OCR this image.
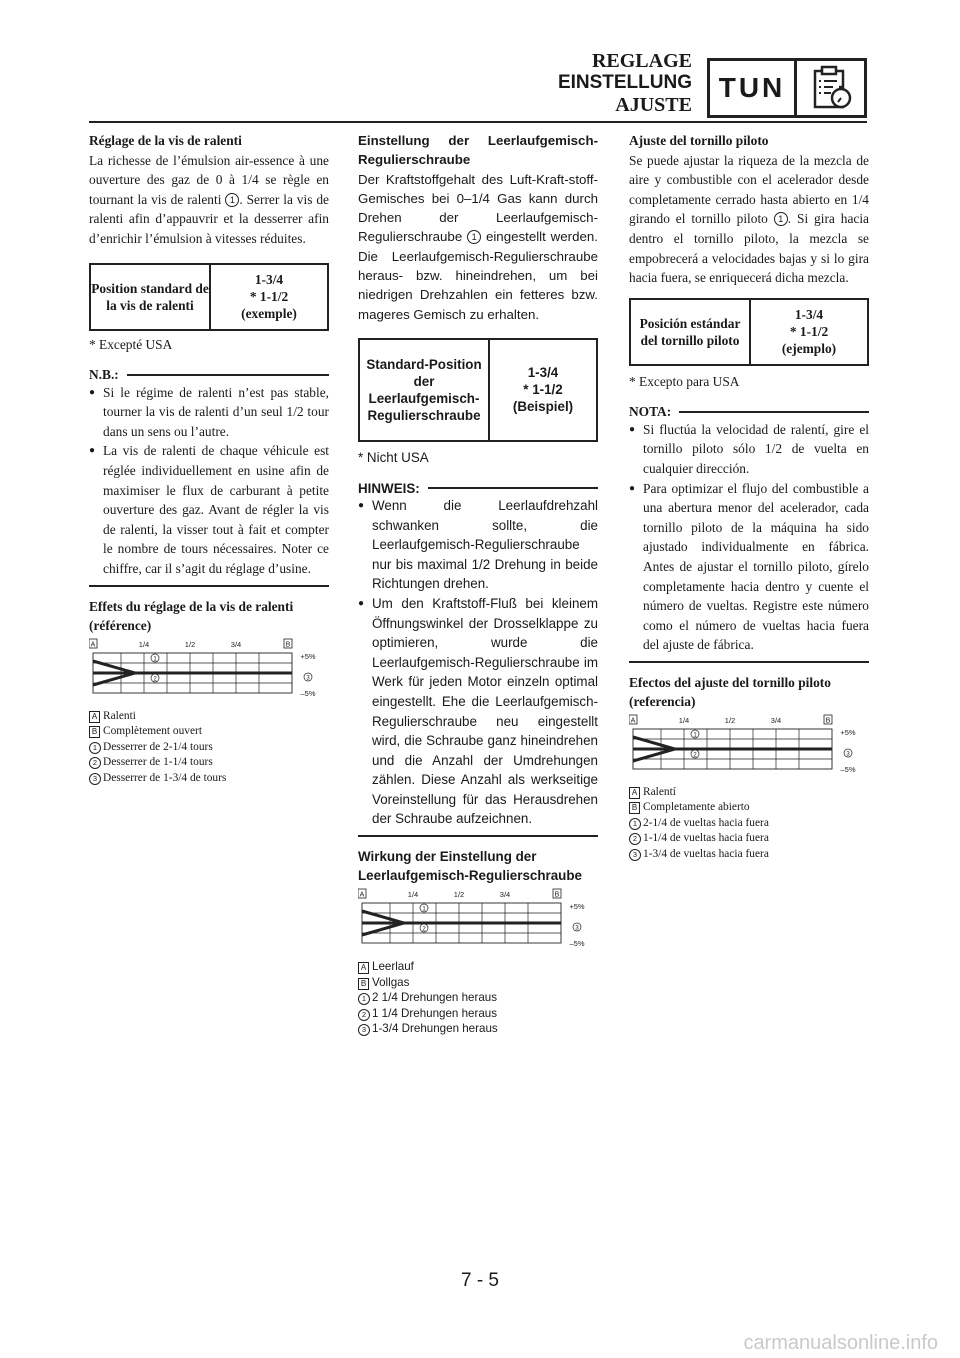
REGLAGE
EINSTELLUNG
AJUSTE
TUN
Réglage de la vis de ralenti

La richesse de l’émulsion air-essence à une ouverture des gaz de 0 à 1/4 se règle en tournant la vis de ralenti 1 . Serrer la vis de ralenti afin d’appauvrir et la desserrer afin d’enrichir l’émulsion à vitesses réduites.

Position standard de la vis de ralenti
1-3/4
* 1-1/2
(exemple)
* Excepté USA
N.B.:
● Si le régime de ralenti n’est pas stable, tourner la vis de ralenti d’un seul 1/2 tour dans un sens ou l’autre.
● La vis de ralenti de chaque véhicule est réglée individuellement en usine afin de maximiser le flux de carburant à petite ouverture des gaz. Avant de régler la vis de ralenti, la visser tout à fait et compter le nombre de tours nécessaires. Noter ce chiffre, car il s’agit du réglage d’usine.
Effets du réglage de la vis de ralenti (référence)
A	B
1/4	1/2	3/4
+5%
–5%
3
1
2
A Ralenti
B Complètement ouvert
1 Desserrer de 2-1/4 tours
2 Desserrer de 1-1/4 tours
3 Desserrer de 1-3/4 de tours
Einstellung der Leerlaufgemisch-Regulierschraube

Der Kraftstoffgehalt des Luft-Kraft-stoff-Gemisches bei 0–1/4 Gas kann durch Drehen der Leerlaufgemisch-Regulierschraube 1 eingestellt werden. Die Leerlaufgemisch-Regulierschraube heraus- bzw. hineindrehen, um bei niedrigen Drehzahlen ein fetteres bzw. mageres Gemisch zu erhalten.

Standard-Position der Leerlaufgemisch-Regulierschraube
1-3/4
* 1-1/2
(Beispiel)
* Nicht USA
HINWEIS:
● Wenn die Leerlaufdrehzahl schwanken sollte, die Leerlaufgemisch-Regulierschraube nur bis maximal 1/2 Drehung in beide Richtungen drehen.
● Um den Kraftstoff-Fluß bei kleinem Öffnungswinkel der Drosselklappe zu optimieren, wurde die Leerlaufgemisch-Regulierschraube im Werk für jeden Motor einzeln optimal eingestellt. Ehe die Leerlaufgemisch-Regulierschraube neu eingestellt wird, die Schraube ganz hineindrehen und die Anzahl der Umdrehungen zählen. Diese Anzahl als werkseitige Voreinstellung für das Herausdrehen der Schraube aufzeichnen.
Wirkung der Einstellung der Leerlaufgemisch-Regulierschraube
A	B
1/4	1/2	3/4
+5%
–5%
3
1
2
A Leerlauf
B Vollgas
1 2 1/4 Drehungen heraus
2 1 1/4 Drehungen heraus
3 1-3/4 Drehungen heraus
Ajuste del tornillo piloto

Se puede ajustar la riqueza de la mezcla de aire y combustible con el acelerador desde completamente cerrado hasta abierto en 1/4 girando el tornillo piloto 1 . Si gira hacia dentro el tornillo piloto, la mezcla se empobrecerá a velocidades bajas y si lo gira hacia fuera, se enriquecerá dicha mezcla.

Posición estándar del tornillo piloto
1-3/4
* 1-1/2
(ejemplo)
* Excepto para USA
NOTA:
● Si fluctúa la velocidad de ralentí, gire el tornillo piloto sólo 1/2 de vuelta en cualquier dirección.
● Para optimizar el flujo del combustible a una abertura menor del acelerador, cada tornillo piloto de la máquina ha sido ajustado individualmente en fábrica. Antes de ajustar el tornillo piloto, gírelo completamente hacia dentro y cuente el número de vueltas. Registre este número como el número de vueltas hacia fuera del ajuste de fábrica.
Efectos del ajuste del tornillo piloto (referencia)
A	B
1/4	1/2	3/4
+5%
–5%
3
1
2
A Ralentí
B Completamente abierto
1 2-1/4 de vueltas hacia fuera
2 1-1/4 de vueltas hacia fuera
3 1-3/4 de vueltas hacia fuera
7 - 5
carmanualsonline.info
